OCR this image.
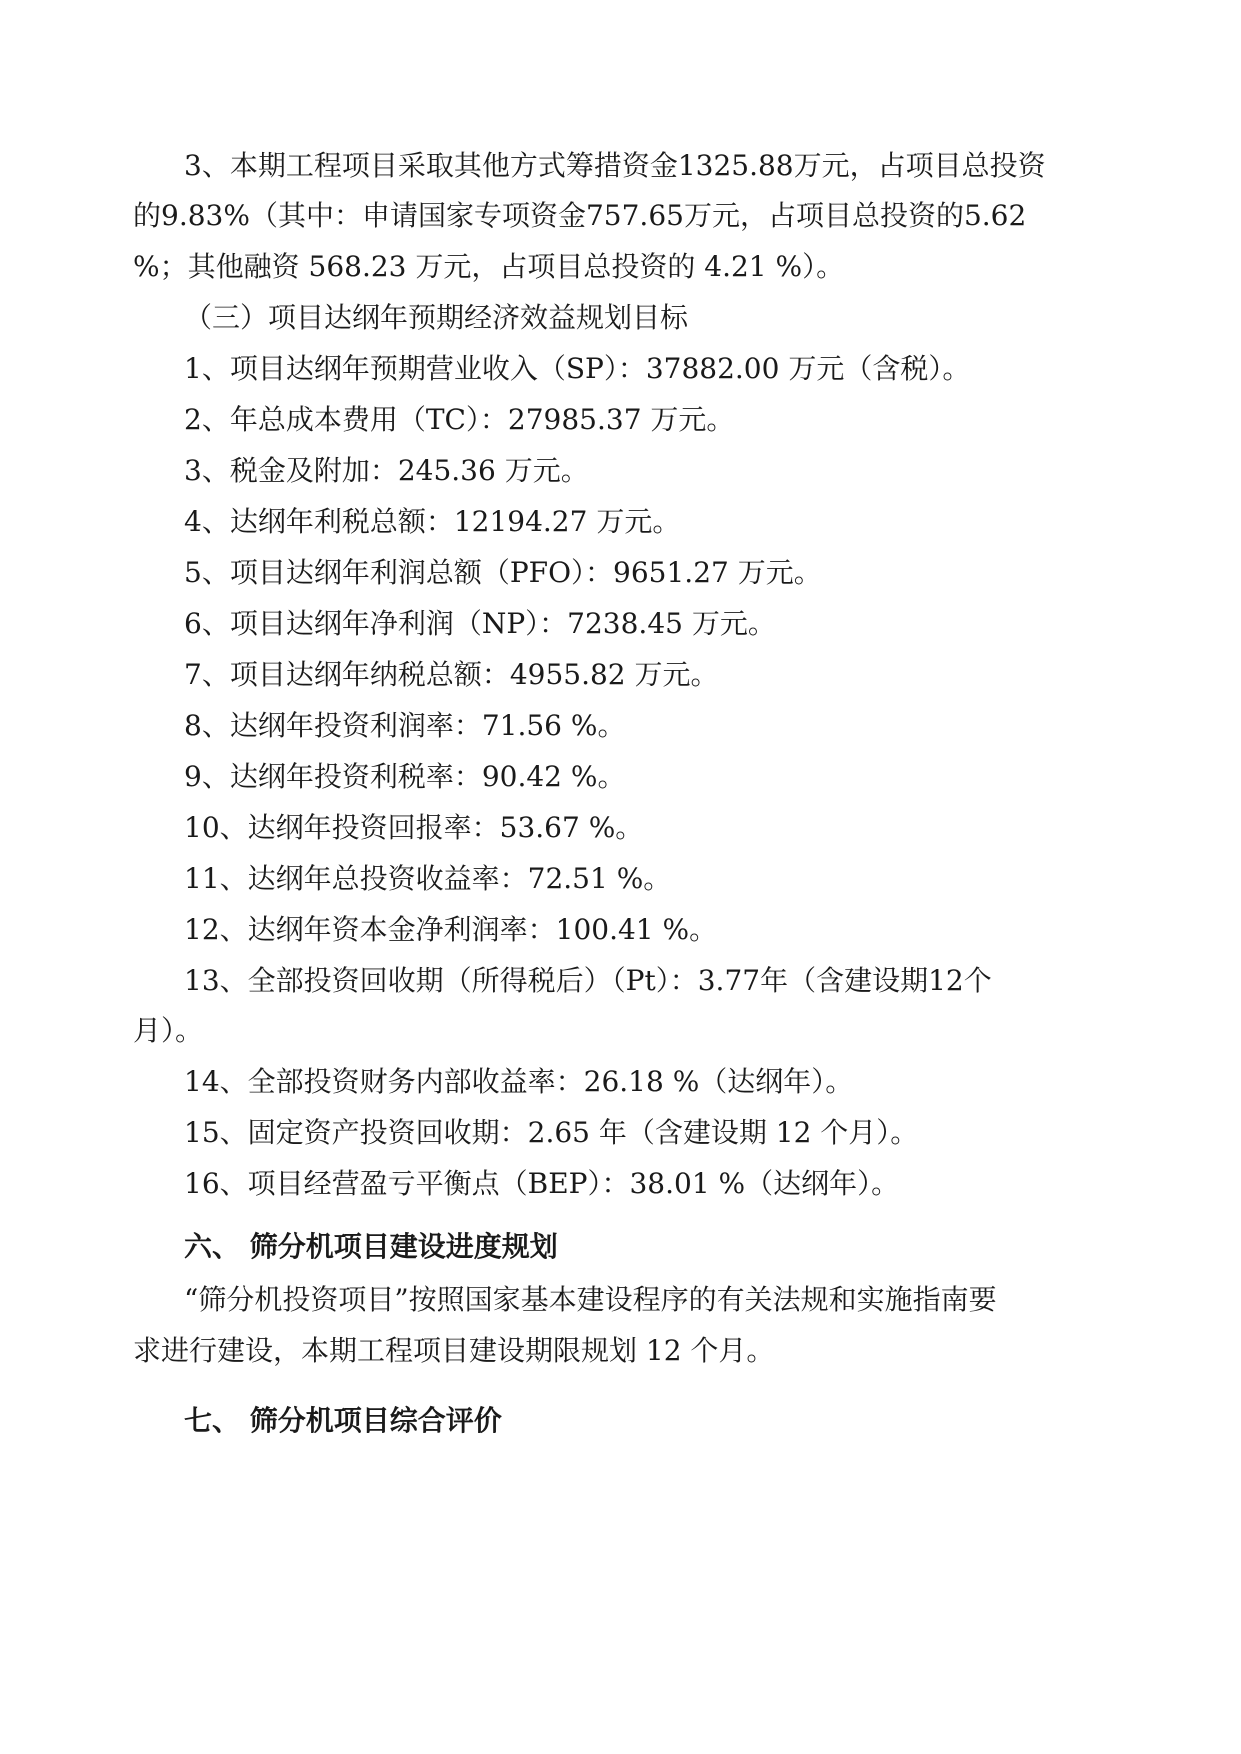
3、本期工程项目采取其他方式筹措资金 1325.88 万元，占项目总投资
的 9.83 %（其中：申请国家专项资金 757.65 万元，占项目总投资的 5.62
%；其他融资 568.23 万元，占项目总投资的 4.21 %）。
（三）项目达纲年预期经济效益规划目标
1、项目达纲年预期营业收入（SP）：37882.00 万元（含税）。
2、年总成本费用（TC）：27985.37 万元。
3、税金及附加：245.36 万元。
4、达纲年利税总额：12194.27 万元。
5、项目达纲年利润总额（PFO）：9651.27 万元。
6、项目达纲年净利润（NP）：7238.45 万元。
7、项目达纲年纳税总额：4955.82 万元。
8、达纲年投资利润率：71.56 %。
9、达纲年投资利税率：90.42 %。
10、达纲年投资回报率：53.67 %。
11、达纲年总投资收益率：72.51 %。
12、达纲年资本金净利润率：100.41 %。
13、全部投资回收期（所得税后）（Pt）：3.77 年（含建设期 12 个
月）。
14、全部投资财务内部收益率：26.18 %（达纲年）。
15、固定资产投资回收期：2.65 年（含建设期 12 个月）。
16、项目经营盈亏平衡点（BEP）：38.01 %（达纲年）。
六、 筛分机项目建设进度规划
“筛分机投资项目”按照国家基本建设程序的有关法规和实施指南要
求进行建设，本期工程项目建设期限规划 12 个月。
七、 筛分机项目综合评价
